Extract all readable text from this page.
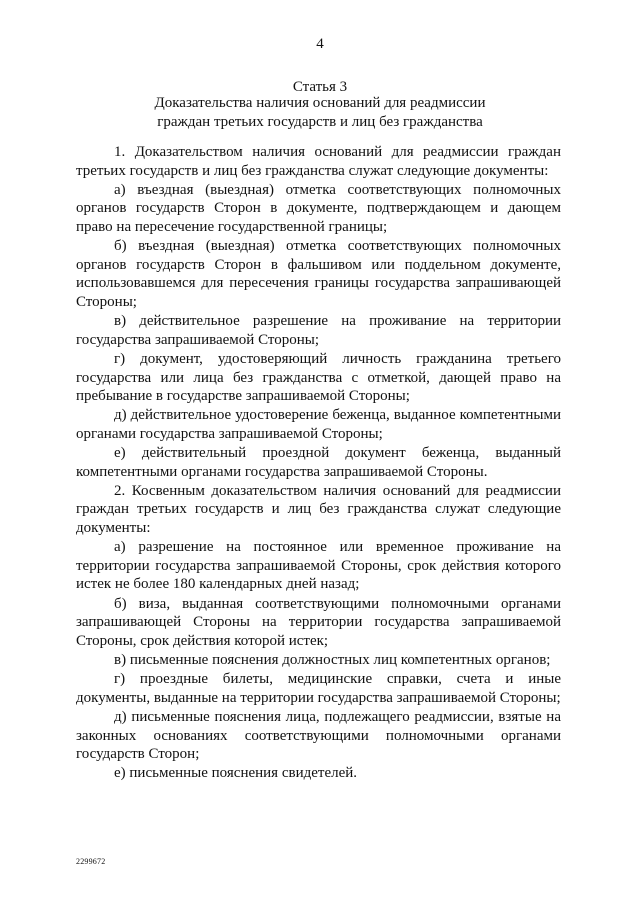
4
Статья 3
Доказательства наличия оснований для реадмиссии
граждан третьих государств и лиц без гражданства

1. Доказательством наличия оснований для реадмиссии граждан третьих государств и лиц без гражданства служат следующие документы:

а) въездная (выездная) отметка соответствующих полномочных органов государств Сторон в документе, подтверждающем и дающем право на пересечение государственной границы;

б) въездная (выездная) отметка соответствующих полномочных органов государств Сторон в фальшивом или поддельном документе, использовавшемся для пересечения границы государства запрашивающей Стороны;

в) действительное разрешение на проживание на территории государства запрашиваемой Стороны;

г) документ, удостоверяющий личность гражданина третьего государства или лица без гражданства с отметкой, дающей право на пребывание в государстве запрашиваемой Стороны;

д) действительное удостоверение беженца, выданное компетентными органами государства запрашиваемой Стороны;

е) действительный проездной документ беженца, выданный компетентными органами государства запрашиваемой Стороны.

2. Косвенным доказательством наличия оснований для реадмиссии граждан третьих государств и лиц без гражданства служат следующие документы:

а) разрешение на постоянное или временное проживание на территории государства запрашиваемой Стороны, срок действия которого истек не более 180 календарных дней назад;

б) виза, выданная соответствующими полномочными органами запрашивающей Стороны на территории государства запрашиваемой Стороны, срок действия которой истек;

в) письменные пояснения должностных лиц компетентных органов;

г) проездные билеты, медицинские справки, счета и иные документы, выданные на территории государства запрашиваемой Стороны;

д) письменные пояснения лица, подлежащего реадмиссии, взятые на законных основаниях соответствующими полномочными органами государств Сторон;

е) письменные пояснения свидетелей.

2299672
